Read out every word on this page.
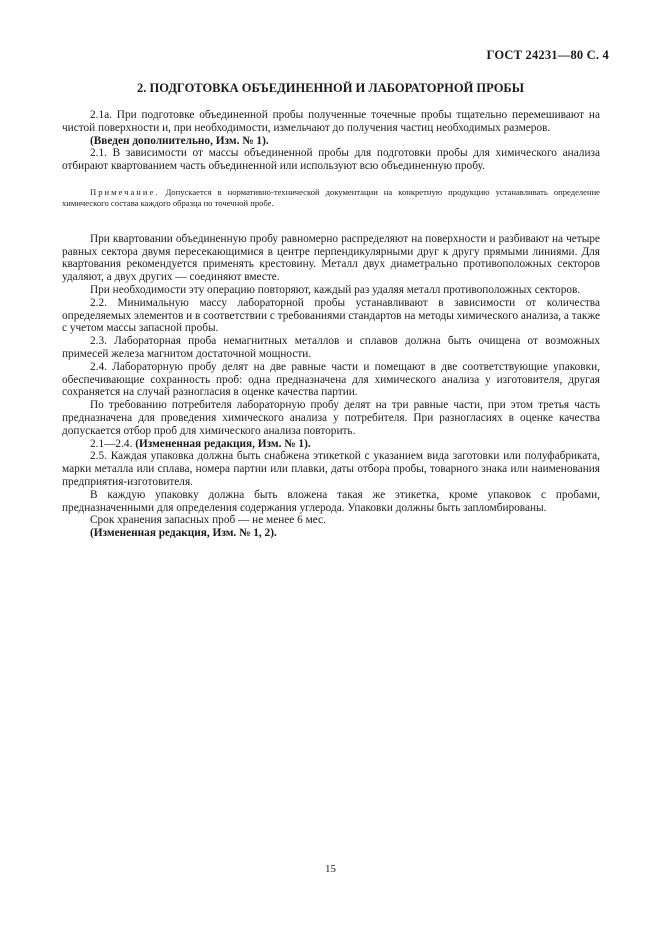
ГОСТ 24231—80 С. 4
2. ПОДГОТОВКА ОБЪЕДИНЕННОЙ И ЛАБОРАТОРНОЙ ПРОБЫ

2.1а. При подготовке объединенной пробы полученные точечные пробы тщательно перемешивают на чистой поверхности и, при необходимости, измельчают до получения частиц необходимых размеров.

(Введен дополнительно, Изм. № 1).

2.1. В зависимости от массы объединенной пробы для подготовки пробы для химического анализа отбирают квартованием часть объединенной или используют всю объединенную пробу.

Примечание. Допускается в нормативно-технической документации на конкретную продукцию устанавливать определение химического состава каждого образца по точечной пробе.

При квартовании объединенную пробу равномерно распределяют на поверхности и разбивают на четыре равных сектора двумя пересекающимися в центре перпендикулярными друг к другу прямыми линиями. Для квартования рекомендуется применять крестовину. Металл двух диаметрально противоположных секторов удаляют, а двух других — соединяют вместе.

При необходимости эту операцию повторяют, каждый раз удаляя металл противоположных секторов.

2.2. Минимальную массу лабораторной пробы устанавливают в зависимости от количества определяемых элементов и в соответствии с требованиями стандартов на методы химического анализа, а также с учетом массы запасной пробы.

2.3. Лабораторная проба немагнитных металлов и сплавов должна быть очищена от возможных примесей железа магнитом достаточной мощности.

2.4. Лабораторную пробу делят на две равные части и помещают в две соответствующие упаковки, обеспечивающие сохранность проб: одна предназначена для химического анализа у изготовителя, другая сохраняется на случай разногласия в оценке качества партии.

По требованию потребителя лабораторную пробу делят на три равные части, при этом третья часть предназначена для проведения химического анализа у потребителя. При разногласиях в оценке качества допускается отбор проб для химического анализа повторить.

2.1—2.4. (Измененная редакция, Изм. № 1).

2.5. Каждая упаковка должна быть снабжена этикеткой с указанием вида заготовки или полуфабриката, марки металла или сплава, номера партии или плавки, даты отбора пробы, товарного знака или наименования предприятия-изготовителя.

В каждую упаковку должна быть вложена такая же этикетка, кроме упаковок с пробами, предназначенными для определения содержания углерода. Упаковки должны быть запломбированы.

Срок хранения запасных проб — не менее 6 мес.

(Измененная редакция, Изм. № 1, 2).

15
